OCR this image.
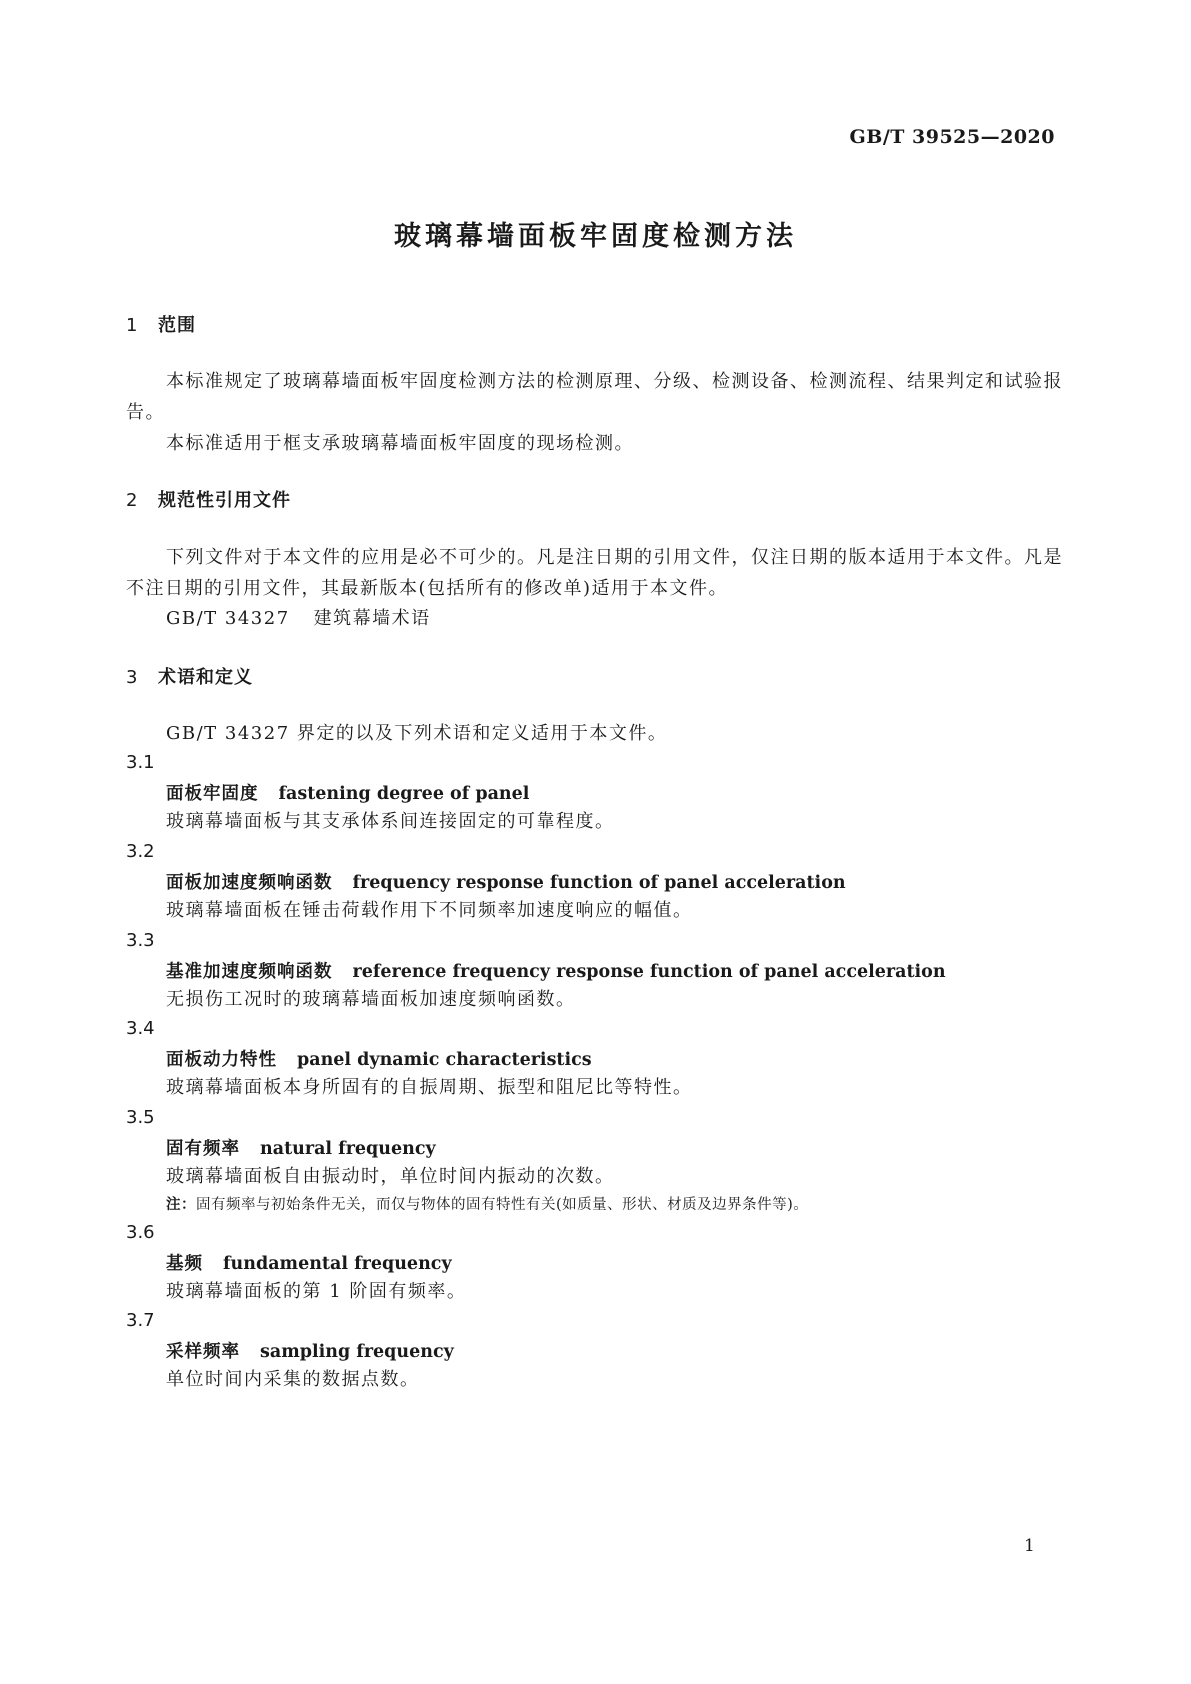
GB/T 39525—2020
玻璃幕墙面板牢固度检测方法
1 范围
本标准规定了玻璃幕墙面板牢固度检测方法的检测原理、分级、检测设备、检测流程、结果判定和试验报告。
本标准适用于框支承玻璃幕墙面板牢固度的现场检测。
2 规范性引用文件
下列文件对于本文件的应用是必不可少的。凡是注日期的引用文件，仅注日期的版本适用于本文件。凡是不注日期的引用文件，其最新版本(包括所有的修改单)适用于本文件。
GB/T 34327 建筑幕墙术语
3 术语和定义
GB/T 34327 界定的以及下列术语和定义适用于本文件。
3.1
面板牢固度 fastening degree of panel
玻璃幕墙面板与其支承体系间连接固定的可靠程度。
3.2
面板加速度频响函数 frequency response function of panel acceleration
玻璃幕墙面板在锤击荷载作用下不同频率加速度响应的幅值。
3.3
基准加速度频响函数 reference frequency response function of panel acceleration
无损伤工况时的玻璃幕墙面板加速度频响函数。
3.4
面板动力特性 panel dynamic characteristics
玻璃幕墙面板本身所固有的自振周期、振型和阻尼比等特性。
3.5
固有频率 natural frequency
玻璃幕墙面板自由振动时，单位时间内振动的次数。
注：固有频率与初始条件无关，而仅与物体的固有特性有关(如质量、形状、材质及边界条件等)。
3.6
基频 fundamental frequency
玻璃幕墙面板的第 1 阶固有频率。
3.7
采样频率 sampling frequency
单位时间内采集的数据点数。
1
